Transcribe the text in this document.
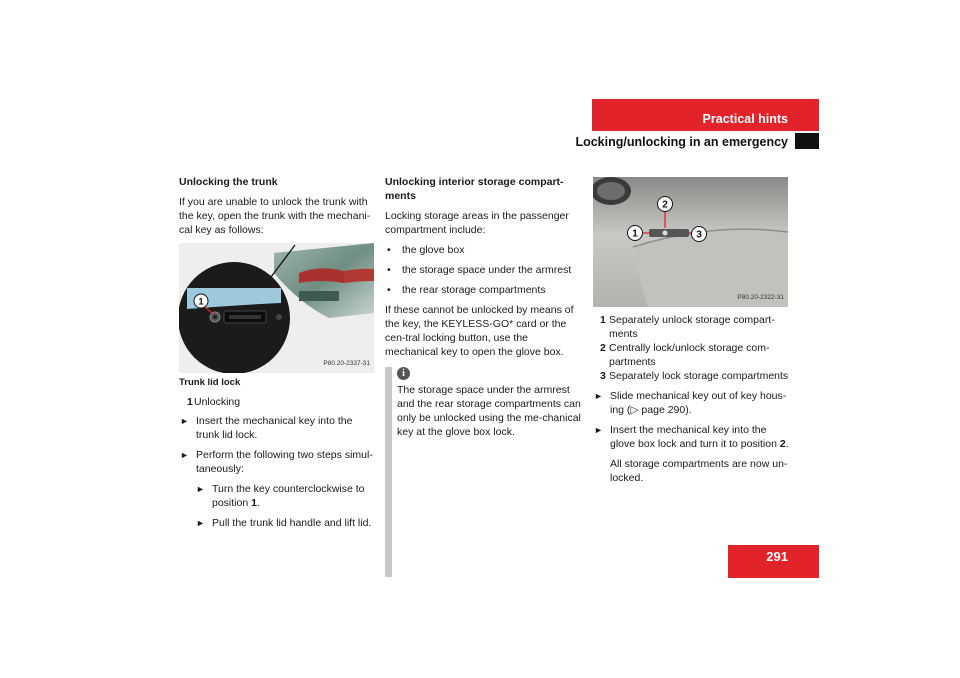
Practical hints
Locking/unlocking in an emergency

Unlocking the trunk

If you are unable to unlock the trunk with the key, open the trunk with the mechani-cal key as follows:

1
P80.20-2337-31

Trunk lid lock

1 Unlocking

► Insert the mechanical key into the trunk lid lock.

► Perform the following two steps simul-taneously:

► Turn the key counterclockwise to position 1.

► Pull the trunk lid handle and lift lid.

Unlocking interior storage compart-ments

Locking storage areas in the passenger compartment include:

• the glove box

• the storage space under the armrest

• the rear storage compartments

If these cannot be unlocked by means of the key, the KEYLESS-GO* card or the cen-tral locking button, use the mechanical key to open the glove box.

i

The storage space under the armrest and the rear storage compartments can only be unlocked using the me-chanical key at the glove box lock.

2
1	3
P80.20-2322-31

1 Separately unlock storage compart-ments

2 Centrally lock/unlock storage com-partments

3 Separately lock storage compartments

► Slide mechanical key out of key hous-ing (▷ page 290).

► Insert the mechanical key into the glove box lock and turn it to position 2.

All storage compartments are now un-locked.

291
